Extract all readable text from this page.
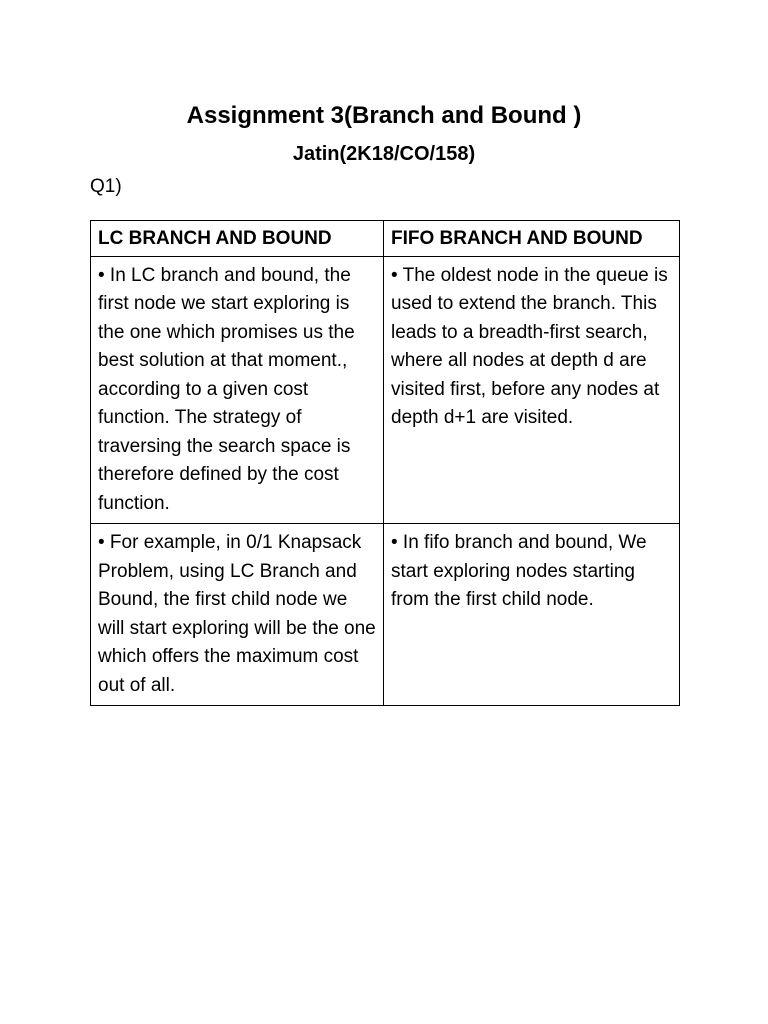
Assignment 3(Branch and Bound )
Jatin(2K18/CO/158)
Q1)
LC BRANCH AND BOUND	FIFO BRANCH AND BOUND
• In LC branch and bound, the first node we start exploring is the one which promises us the best solution at that moment., according to a given cost function. The strategy of traversing the search space is therefore defined by the cost function.	• The oldest node in the queue is used to extend the branch. This leads to a breadth-first search, where all nodes at depth d are visited first, before any nodes at depth d+1 are visited.
• For example, in 0/1 Knapsack Problem, using LC Branch and Bound, the first child node we will start exploring will be the one which offers the maximum cost out of all.	• In fifo branch and bound, We start exploring nodes starting from the first child node.
